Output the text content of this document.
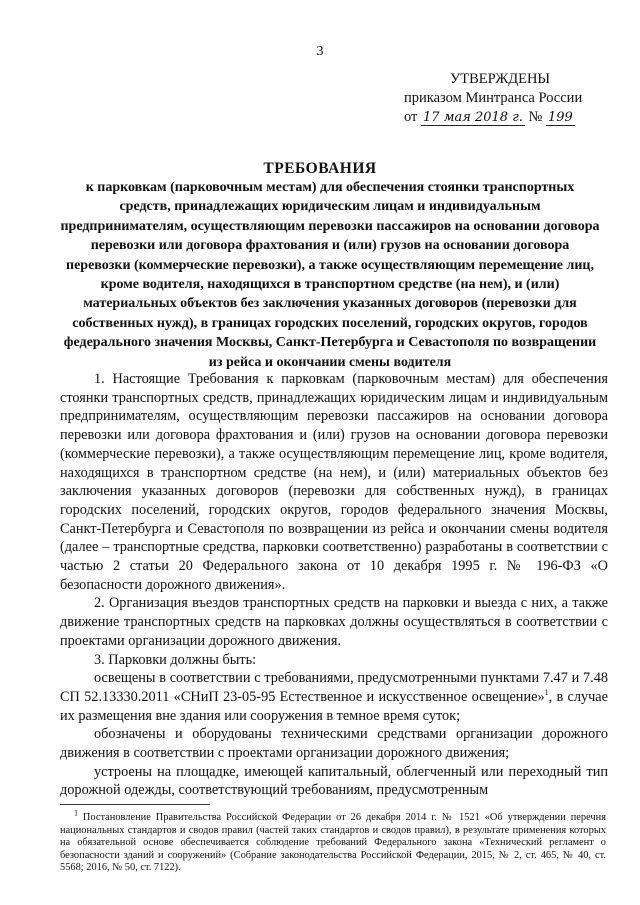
3
УТВЕРЖДЕНЫ
приказом Минтранса России
от 17 мая 2018 г. № 199
ТРЕБОВАНИЯ
к парковкам (парковочным местам) для обеспечения стоянки транспортных средств, принадлежащих юридическим лицам и индивидуальным предпринимателям, осуществляющим перевозки пассажиров на основании договора перевозки или договора фрахтования и (или) грузов на основании договора перевозки (коммерческие перевозки), а также осуществляющим перемещение лиц, кроме водителя, находящихся в транспортном средстве (на нем), и (или) материальных объектов без заключения указанных договоров (перевозки для собственных нужд), в границах городских поселений, городских округов, городов федерального значения Москвы, Санкт-Петербурга и Севастополя по возвращении из рейса и окончании смены водителя

1. Настоящие Требования к парковкам (парковочным местам) для обеспечения стоянки транспортных средств, принадлежащих юридическим лицам и индивидуальным предпринимателям, осуществляющим перевозки пассажиров на основании договора перевозки или договора фрахтования и (или) грузов на основании договора перевозки (коммерческие перевозки), а также осуществляющим перемещение лиц, кроме водителя, находящихся в транспортном средстве (на нем), и (или) материальных объектов без заключения указанных договоров (перевозки для собственных нужд), в границах городских поселений, городских округов, городов федерального значения Москвы, Санкт-Петербурга и Севастополя по возвращении из рейса и окончании смены водителя (далее – транспортные средства, парковки соответственно) разработаны в соответствии с частью 2 статьи 20 Федерального закона от 10 декабря 1995 г. № 196-ФЗ «О безопасности дорожного движения».

2. Организация въездов транспортных средств на парковки и выезда с них, а также движение транспортных средств на парковках должны осуществляться в соответствии с проектами организации дорожного движения.

3. Парковки должны быть:

освещены в соответствии с требованиями, предусмотренными пунктами 7.47 и 7.48 СП 52.13330.2011 «СНиП 23-05-95 Естественное и искусственное освещение»$^1$, в случае их размещения вне здания или сооружения в темное время суток;

обозначены и оборудованы техническими средствами организации дорожного движения в соответствии с проектами организации дорожного движения;

устроены на площадке, имеющей капитальный, облегченный или переходный тип дорожной одежды, соответствующий требованиям, предусмотренным

$^1$ Постановление Правительства Российской Федерации от 26 декабря 2014 г. № 1521 «Об утверждении перечня национальных стандартов и сводов правил (частей таких стандартов и сводов правил), в результате применения которых на обязательной основе обеспечивается соблюдение требований Федерального закона «Технический регламент о безопасности зданий и сооружений» (Собрание законодательства Российской Федерации, 2015, № 2, ст. 465, № 40, ст. 5568; 2016, № 50, ст. 7122).
